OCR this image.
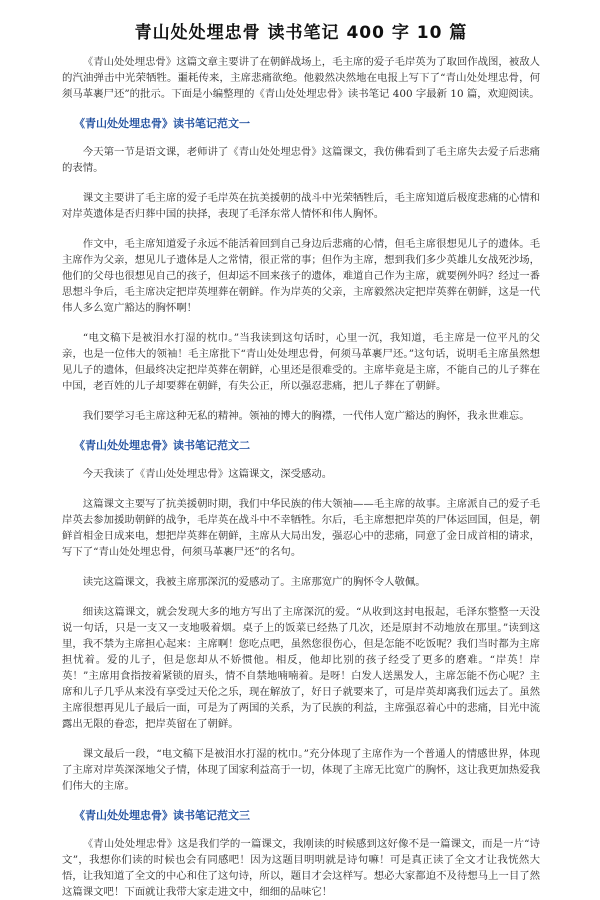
青山处处埋忠骨 读书笔记 400 字 10 篇

《青山处处埋忠骨》这篇文章主要讲了在朝鲜战场上，毛主席的爱子毛岸英为了取回作战图，被敌人的汽油弹击中光荣牺牲。噩耗传来，主席悲痛欲绝。他毅然决然地在电报上写下了“青山处处埋忠骨，何须马革裹尸还”的批示。下面是小编整理的《青山处处埋忠骨》读书笔记 400 字最新 10 篇，欢迎阅读。

《青山处处埋忠骨》读书笔记范文一

今天第一节是语文课，老师讲了《青山处处埋忠骨》这篇课文，我仿佛看到了毛主席失去爱子后悲痛的表情。

课文主要讲了毛主席的爱子毛岸英在抗美援朝的战斗中光荣牺牲后，毛主席知道后极度悲痛的心情和对岸英遗体是否归葬中国的抉择，表现了毛泽东常人情怀和伟人胸怀。

作文中，毛主席知道爱子永远不能活着回到自己身边后悲痛的心情，但毛主席很想见儿子的遗体。毛主席作为父亲，想见儿子遗体是人之常情，很正常的事；但作为主席，想到我们多少英雄儿女战死沙场，他们的父母也很想见自己的孩子，但却运不回来孩子的遗体，难道自己作为主席，就要例外吗？经过一番思想斗争后，毛主席决定把岸英埋葬在朝鲜。作为岸英的父亲，主席毅然决定把岸英葬在朝鲜，这是一代伟人多么宽广豁达的胸怀啊！

“电文稿下是被泪水打湿的枕巾。”当我读到这句话时，心里一沉，我知道，毛主席是一位平凡的父亲，也是一位伟大的领袖！毛主席批下“青山处处埋忠骨，何须马革裹尸还。”这句话，说明毛主席虽然想见儿子的遗体，但最终决定把岸英葬在朝鲜，心里还是很难受的。主席毕竟是主席，不能自己的儿子葬在中国，老百姓的儿子却要葬在朝鲜，有失公正，所以强忍悲痛，把儿子葬在了朝鲜。

我们要学习毛主席这种无私的精神。领袖的博大的胸襟，一代伟人宽广豁达的胸怀，我永世难忘。

《青山处处埋忠骨》读书笔记范文二

今天我读了《青山处处埋忠骨》这篇课文，深受感动。

这篇课文主要写了抗美援朝时期，我们中华民族的伟大领袖——毛主席的故事。主席派自己的爱子毛岸英去参加援助朝鲜的战争，毛岸英在战斗中不幸牺牲。尔后，毛主席想把岸英的尸体运回国，但是，朝鲜首相金日成来电，想把岸英葬在朝鲜，主席从大局出发，强忍心中的悲痛，同意了金日成首相的请求，写下了“青山处处埋忠骨，何须马革裹尸还”的名句。

读完这篇课文，我被主席那深沉的爱感动了。主席那宽广的胸怀令人敬佩。

细读这篇课文，就会发现大多的地方写出了主席深沉的爱。“从收到这封电报起，毛泽东整整一天没说一句话，只是一支又一支地吸着烟。桌子上的饭菜已经热了几次，还是原封不动地放在那里。”读到这里，我不禁为主席担心起来：主席啊！您吃点吧，虽然您很伤心，但是怎能不吃饭呢？我们当时都为主席担忧着。爱的儿子，但是您却从不娇惯他。相反，他却比别的孩子经受了更多的磨难。“岸英！岸英！”主席用食指按着紧锁的眉头，情不自禁地喃喃着。是呀！白发人送黑发人，主席怎能不伤心呢？主席和儿子几乎从来没有享受过天伦之乐，现在解放了，好日子就要来了，可是岸英却离我们远去了。虽然主席很想再见儿子最后一面，可是为了两国的关系，为了民族的利益，主席强忍着心中的悲痛，目光中流露出无限的眷恋，把岸英留在了朝鲜。

课文最后一段，“电文稿下是被泪水打湿的枕巾。”充分体现了主席作为一个普通人的情感世界，体现了主席对岸英深深地父子情，体现了国家利益高于一切，体现了主席无比宽广的胸怀，这让我更加热爱我们伟大的主席。

《青山处处埋忠骨》读书笔记范文三

《青山处处埋忠骨》这是我们学的一篇课文，我刚读的时候感到这好像不是一篇课文，而是一片“诗文”，我想你们读的时候也会有同感吧！因为这题目明明就是诗句嘛！可是真正读了全文才让我恍然大悟，让我知道了全文的中心和住了这句诗，所以，题目才会这样写。想必大家都迫不及待想马上一目了然这篇课文吧！下面就让我带大家走进文中，细细的品味它！
